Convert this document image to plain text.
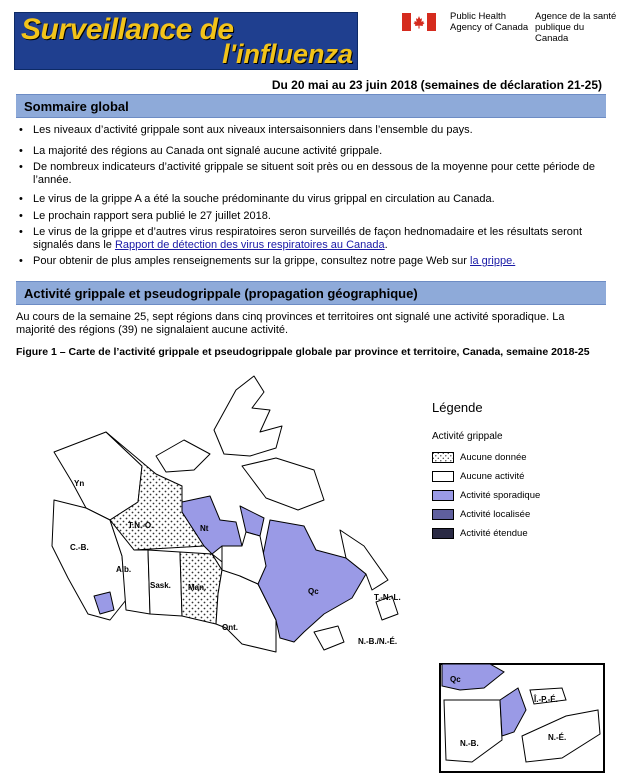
Surveillance de
l'influenza
Public Health
Agency of Canada
Agence de la santé
publique du Canada
Du 20 mai au 23 juin 2018 (semaines de déclaration 21-25)
Sommaire global
• Les niveaux d’activité grippale sont aux niveaux intersaisonniers dans l’ensemble du pays.
• La majorité des régions au Canada ont signalé aucune activité grippale.
• De nombreux indicateurs d’activité grippale se situent soit près ou en dessous de la moyenne pour cette période de l’année.
• Le virus de la grippe A a été la souche prédominante du virus grippal en circulation au Canada.
• Le prochain rapport sera publié le 27 juillet 2018.
• Le virus de la grippe et d’autres virus respiratoires seron surveillés de façon hednomadaire et les résultats seront signalés dans le Rapport de détection des virus respiratoires au Canada.
• Pour obtenir de plus amples renseignements sur la grippe, consultez notre page Web sur la grippe.
Activité grippale et pseudogrippale (propagation géographique)
Au cours de la semaine 25, sept régions dans cinq provinces et territoires ont signalé une activité sporadique. La majorité des régions (39) ne signalaient aucune activité.
Figure 1 – Carte de l’activité grippale et pseudogrippale globale par province et territoire, Canada, semaine 2018-25
Yn
T.N.-O.	Nt
C.-B.
Alb.
Sask. Man.
Ont.
Qc
T.-N.-L.
N.-B./N.-É.
Qc
Î.-P.-É.
N.-B.
N.-É.
Légende
Activité grippale
Aucune donnée
Aucune activité
Activité sporadique
Activité localisée
Activité étendue
